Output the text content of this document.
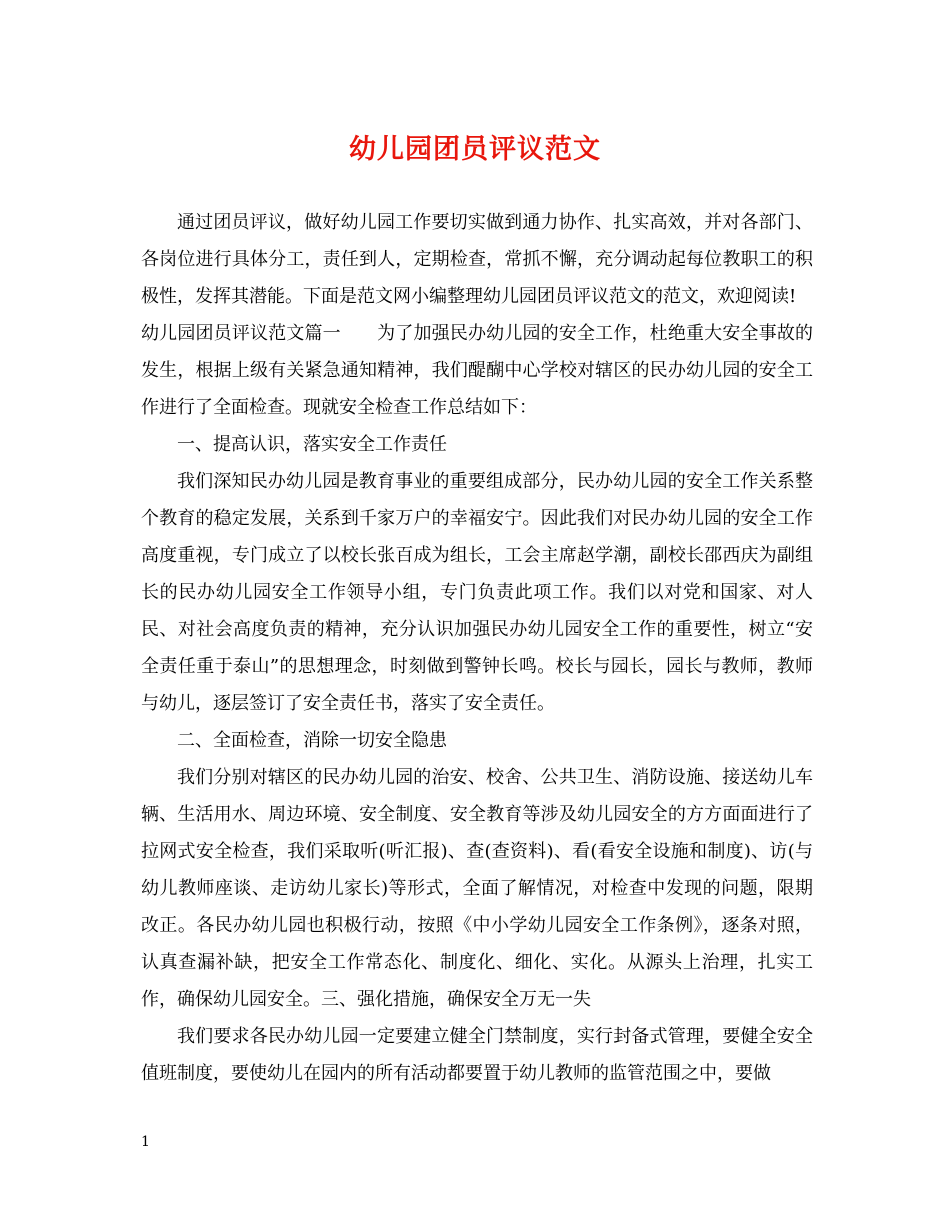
幼儿园团员评议范文

通过团员评议，做好幼儿园工作要切实做到通力协作、扎实高效，并对各部门、各岗位进行具体分工，责任到人，定期检查，常抓不懈，充分调动起每位教职工的积极性，发挥其潜能。下面是范文网小编整理幼儿园团员评议范文的范文，欢迎阅读!

幼儿园团员评议范文篇一　　为了加强民办幼儿园的安全工作，杜绝重大安全事故的发生，根据上级有关紧急通知精神，我们醍醐中心学校对辖区的民办幼儿园的安全工作进行了全面检查。现就安全检查工作总结如下：

一、提高认识，落实安全工作责任

我们深知民办幼儿园是教育事业的重要组成部分，民办幼儿园的安全工作关系整个教育的稳定发展，关系到千家万户的幸福安宁。因此我们对民办幼儿园的安全工作高度重视，专门成立了以校长张百成为组长，工会主席赵学潮，副校长邵西庆为副组长的民办幼儿园安全工作领导小组，专门负责此项工作。我们以对党和国家、对人民、对社会高度负责的精神，充分认识加强民办幼儿园安全工作的重要性，树立“安全责任重于泰山”的思想理念，时刻做到警钟长鸣。校长与园长，园长与教师，教师与幼儿，逐层签订了安全责任书，落实了安全责任。

二、全面检查，消除一切安全隐患

我们分别对辖区的民办幼儿园的治安、校舍、公共卫生、消防设施、接送幼儿车辆、生活用水、周边环境、安全制度、安全教育等涉及幼儿园安全的方方面面进行了拉网式安全检查，我们采取听(听汇报)、查(查资料)、看(看安全设施和制度)、访(与幼儿教师座谈、走访幼儿家长)等形式，全面了解情况，对检查中发现的问题，限期改正。各民办幼儿园也积极行动，按照《中小学幼儿园安全工作条例》，逐条对照，认真查漏补缺，把安全工作常态化、制度化、细化、实化。从源头上治理，扎实工作，确保幼儿园安全。三、强化措施，确保安全万无一失

我们要求各民办幼儿园一定要建立健全门禁制度，实行封备式管理，要健全安全值班制度，要使幼儿在园内的所有活动都要置于幼儿教师的监管范围之中，要做

1
